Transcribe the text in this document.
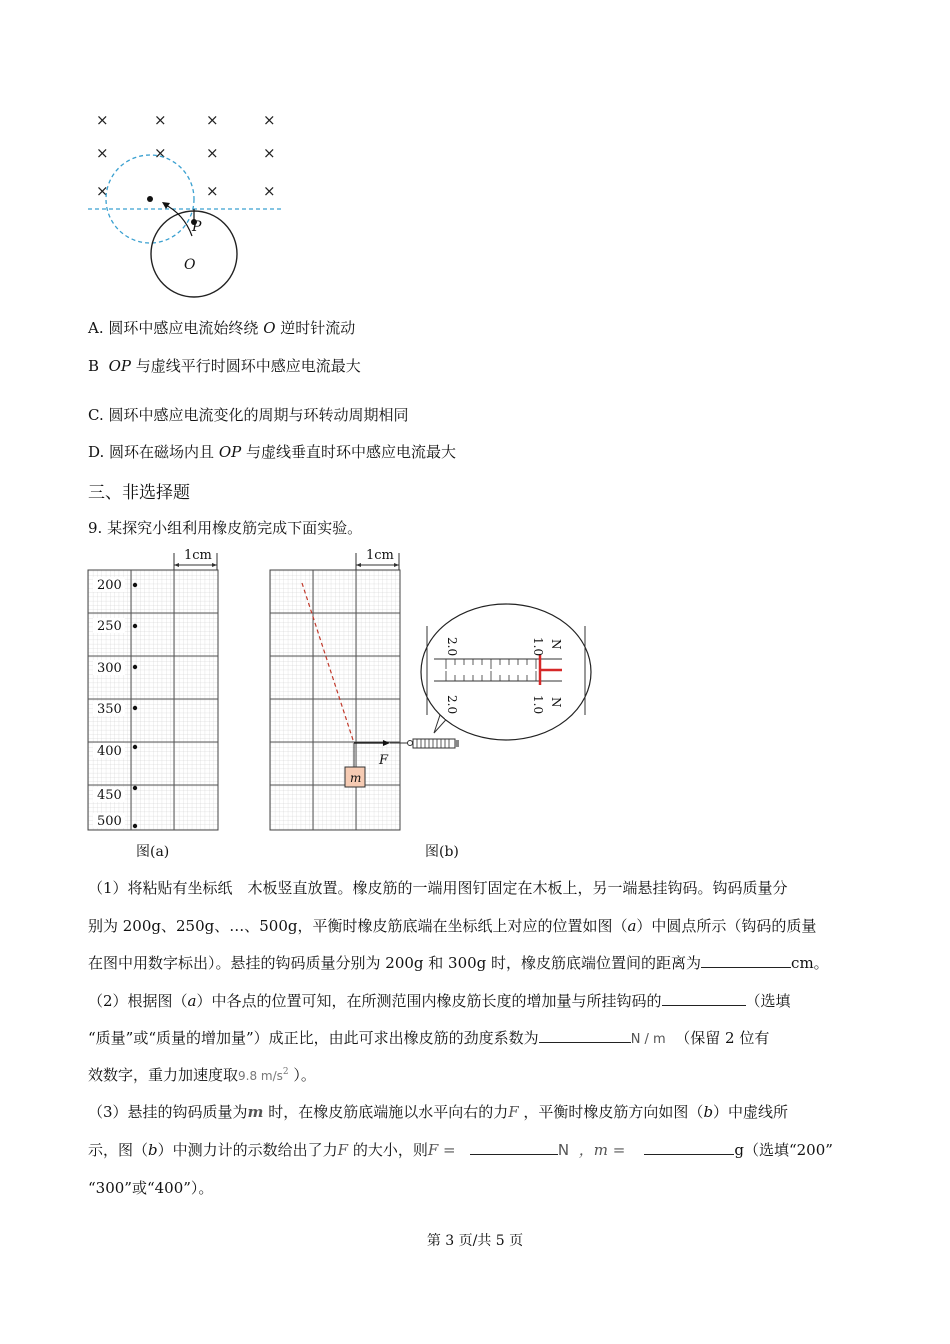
×	×	×	×
×	×	×	×
×	×	×
P
O
A. 圆环中感应电流始终绕 O 逆时针流动
B OP 与虚线平行时圆环中感应电流最大
C. 圆环中感应电流变化的周期与环转动周期相同
D. 圆环在磁场内且 OP 与虚线垂直时环中感应电流最大
三、非选择题
9. 某探究小组利用橡皮筋完成下面实验。
1cm
200
250
300
350
400
450
500
图(a)
1cm
m
F
2.0	1.0 N
2.0	1.0 N
图(b)
（1）将粘贴有坐标纸　木板竖直放置。橡皮筋的一端用图钉固定在木板上，另一端悬挂钩码。钩码质量分
别为 200g、250g、…、500g，平衡时橡皮筋底端在坐标纸上对应的位置如图（a）中圆点所示（钩码的质量
在图中用数字标出）。悬挂的钩码质量分别为 200g 和 300g 时，橡皮筋底端位置间的距离为	cm。
（2）根据图（a）中各点的位置可知，在所测范围内橡皮筋长度的增加量与所挂钩码的	（选填
“质量”或“质量的增加量”）成正比，由此可求出橡皮筋的劲度系数为	N / m （保留 2 位有
效数字，重力加速度取9.8 $m/s^2$ ）。
（3）悬挂的钩码质量为m 时，在橡皮筋底端施以水平向右的力F ，平衡时橡皮筋方向如图（b）中虚线所
示，图（b）中测力计的示数给出了力F 的大小，则F =	N ，m =	g（选填“200”
“300”或“400”）。
第 3 页/共 5 页
